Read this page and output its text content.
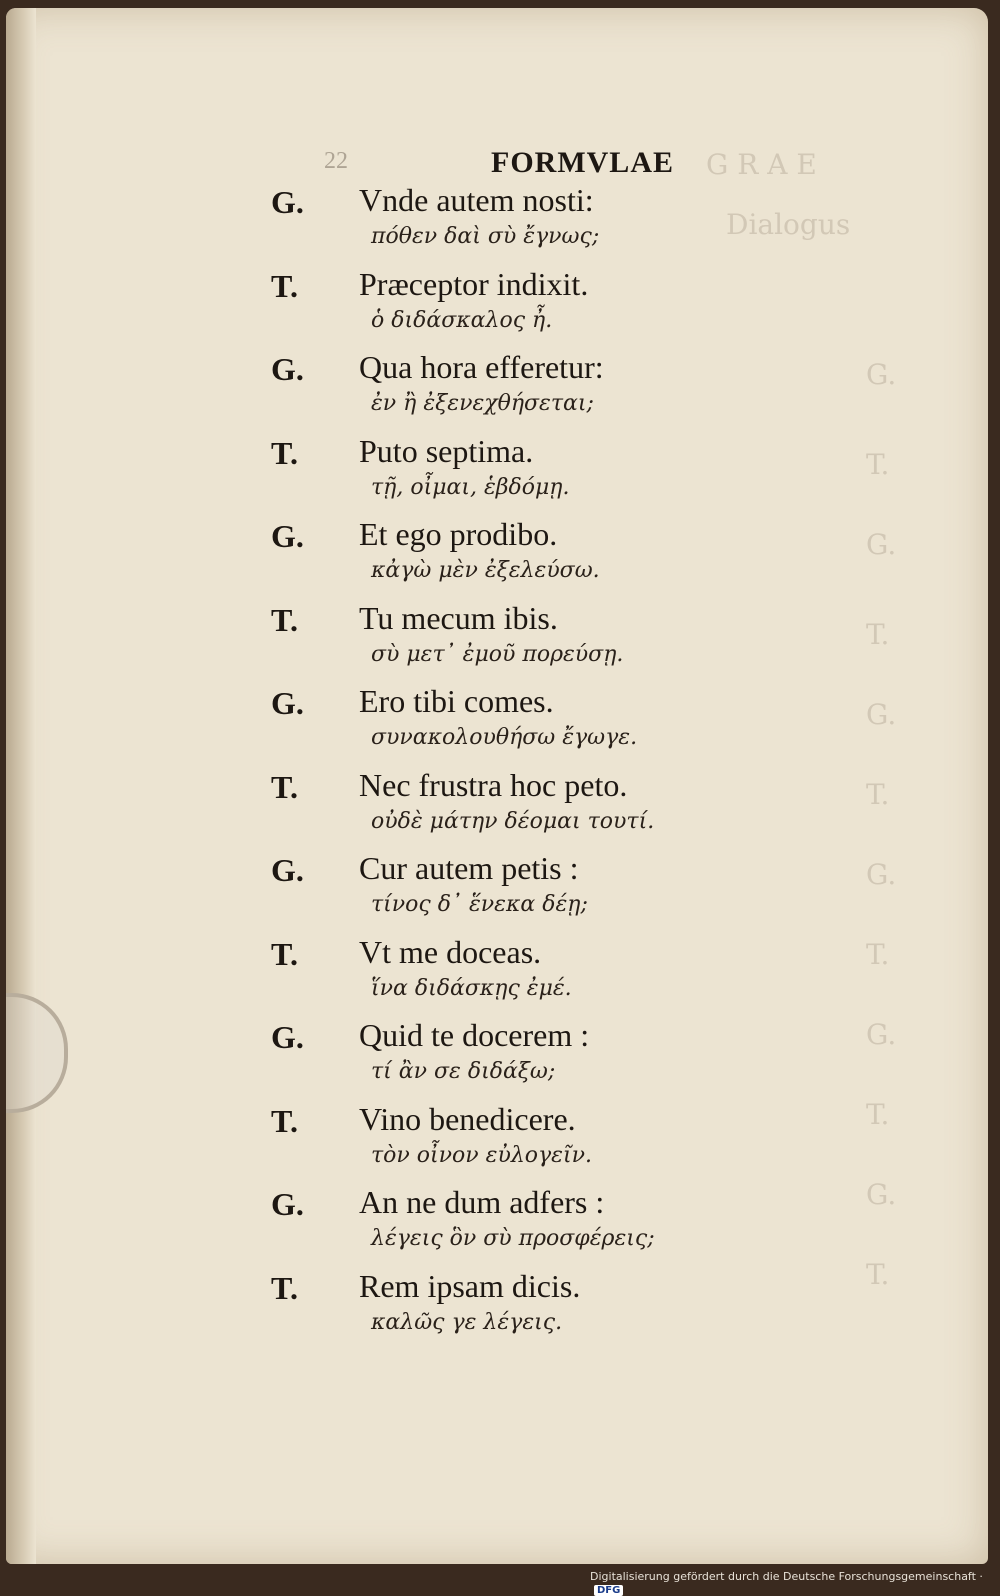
G R A E
Dialogus
G.
T.
G.
T.
G.
T.
G.
T.
G.
T.
G.
T.
22	FORMVLAE
G.	Vnde autem nosti:
πόθεν δαὶ σὺ ἔγνως;
T.	Præceptor indixit.
ὁ διδάσκαλος ἦ.
G.	Qua hora efferetur:
ἐν ἢ ἐξενεχθήσεται;
T.	Puto septima.
τῇ, οἶμαι, ἑβδόμῃ.
G.	Et ego prodibo.
κἀγὼ μὲν ἐξελεύσω.
T.	Tu mecum ibis.
σὺ μετ᾽ ἐμοῦ πορεύσῃ.
G.	Ero tibi comes.
συνακολουθήσω ἔγωγε.
T.	Nec frustra hoc peto.
οὐδὲ μάτην δέομαι τουτί.
G.	Cur autem petis :
τίνος δ᾽ ἕνεκα δέῃ;
T.	Vt me doceas.
ἵνα διδάσκῃς ἐμέ.
G.	Quid te docerem :
τί ἂν σε διδάξω;
T.	Vino benedicere.
τὸν οἶνον εὐλογεῖν.
G.	An ne dum adfers :
λέγεις ὃν σὺ προσφέρεις;
T.	Rem ipsam dicis.
καλῶς γε λέγεις.
Digitalisierung gefördert durch die Deutsche Forschungsgemeinschaft · DFG
